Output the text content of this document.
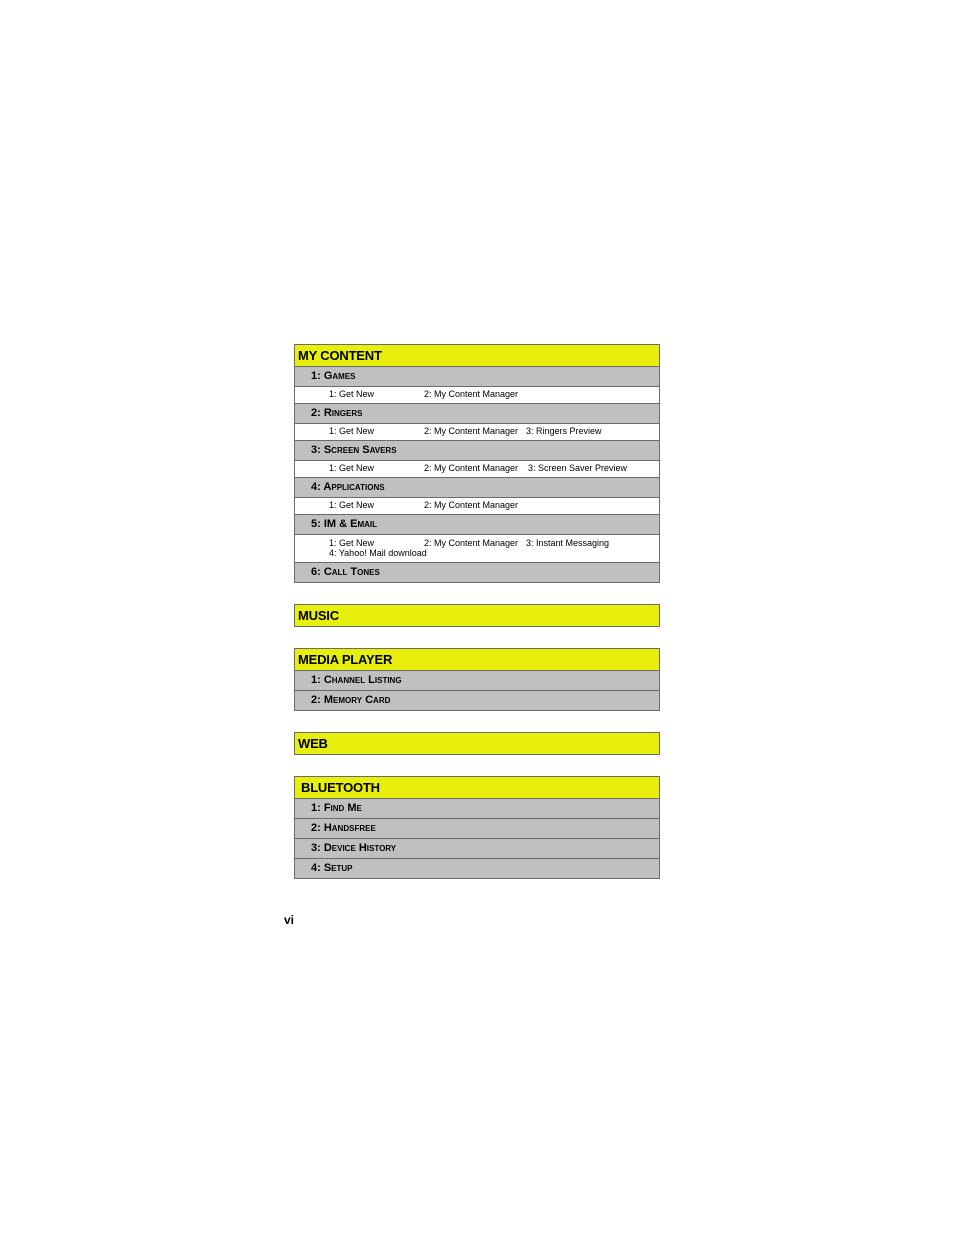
MY CONTENT
1: Games
1: Get New	2: My Content Manager
2: Ringers
1: Get New	2: My Content Manager 3: Ringers Preview
3: Screen Savers
1: Get New	2: My Content Manager 3: Screen Saver Preview
4: Applications
1: Get New	2: My Content Manager
5: IM & Email
1: Get New	2: My Content Manager 3: Instant Messaging
4: Yahoo! Mail download
6: Call Tones
MUSIC
MEDIA PLAYER
1: Channel Listing
2: Memory Card
WEB
BLUETOOTH
1: Find Me
2: Handsfree
3: Device History
4: Setup
vi
